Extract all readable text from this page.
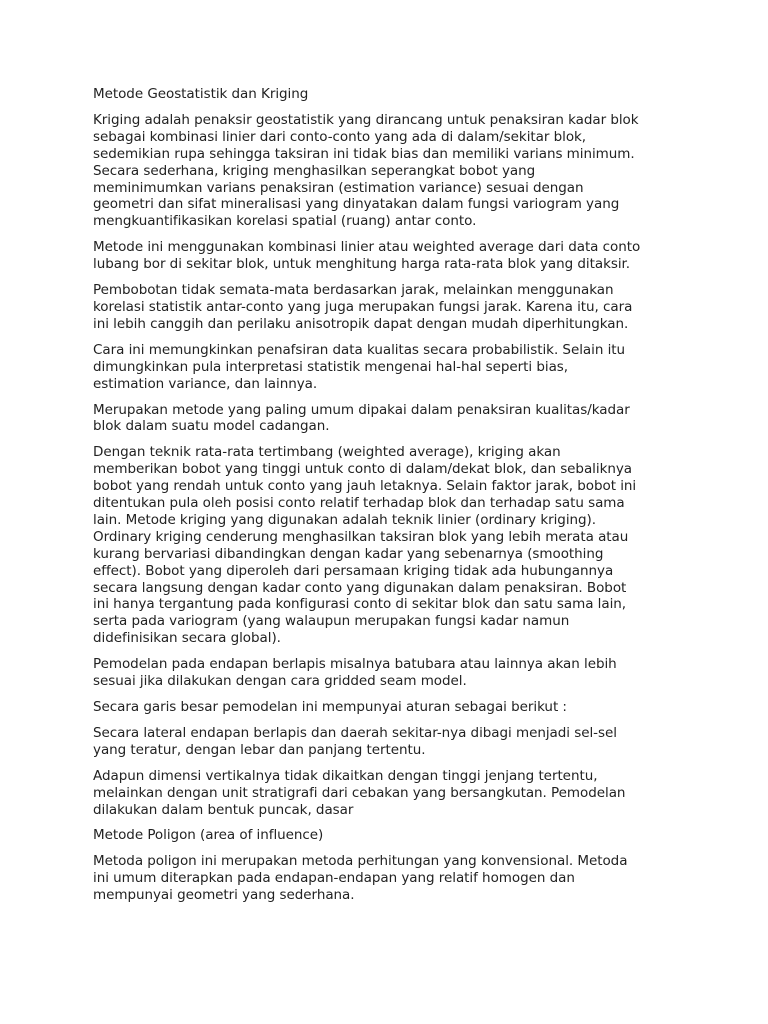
Metode Geostatistik dan Kriging

Kriging adalah penaksir geostatistik yang dirancang untuk penaksiran kadar blok
sebagai kombinasi linier dari conto-conto yang ada di dalam/sekitar blok,
sedemikian rupa sehingga taksiran ini tidak bias dan memiliki varians minimum.
Secara sederhana, kriging menghasilkan seperangkat bobot yang
meminimumkan varians penaksiran (estimation variance) sesuai dengan
geometri dan sifat mineralisasi yang dinyatakan dalam fungsi variogram yang
mengkuantifikasikan korelasi spatial (ruang) antar conto.

Metode ini menggunakan kombinasi linier atau weighted average dari data conto
lubang bor di sekitar blok, untuk menghitung harga rata-rata blok yang ditaksir.

Pembobotan tidak semata-mata berdasarkan jarak, melainkan menggunakan
korelasi statistik antar-conto yang juga merupakan fungsi jarak. Karena itu, cara
ini lebih canggih dan perilaku anisotropik dapat dengan mudah diperhitungkan.

Cara ini memungkinkan penafsiran data kualitas secara probabilistik. Selain itu
dimungkinkan pula interpretasi statistik mengenai hal-hal seperti bias,
estimation variance, dan lainnya.

Merupakan metode yang paling umum dipakai dalam penaksiran kualitas/kadar
blok dalam suatu model cadangan.

Dengan teknik rata-rata tertimbang (weighted average), kriging akan
memberikan bobot yang tinggi untuk conto di dalam/dekat blok, dan sebaliknya
bobot yang rendah untuk conto yang jauh letaknya. Selain faktor jarak, bobot ini
ditentukan pula oleh posisi conto relatif terhadap blok dan terhadap satu sama
lain. Metode kriging yang digunakan adalah teknik linier (ordinary kriging).
Ordinary kriging cenderung menghasilkan taksiran blok yang lebih merata atau
kurang bervariasi dibandingkan dengan kadar yang sebenarnya (smoothing
effect). Bobot yang diperoleh dari persamaan kriging tidak ada hubungannya
secara langsung dengan kadar conto yang digunakan dalam penaksiran. Bobot
ini hanya tergantung pada konfigurasi conto di sekitar blok dan satu sama lain,
serta pada variogram (yang walaupun merupakan fungsi kadar namun
didefinisikan secara global).

Pemodelan pada endapan berlapis misalnya batubara atau lainnya akan lebih
sesuai jika dilakukan dengan cara gridded seam model.

Secara garis besar pemodelan ini mempunyai aturan sebagai berikut :

Secara lateral endapan berlapis dan daerah sekitar-nya dibagi menjadi sel-sel
yang teratur, dengan lebar dan panjang tertentu.

Adapun dimensi vertikalnya tidak dikaitkan dengan tinggi jenjang tertentu,
melainkan dengan unit stratigrafi dari cebakan yang bersangkutan. Pemodelan
dilakukan dalam bentuk puncak, dasar

Metode Poligon (area of influence)

Metoda poligon ini merupakan metoda perhitungan yang konvensional. Metoda
ini umum diterapkan pada endapan-endapan yang relatif homogen dan
mempunyai geometri yang sederhana.
